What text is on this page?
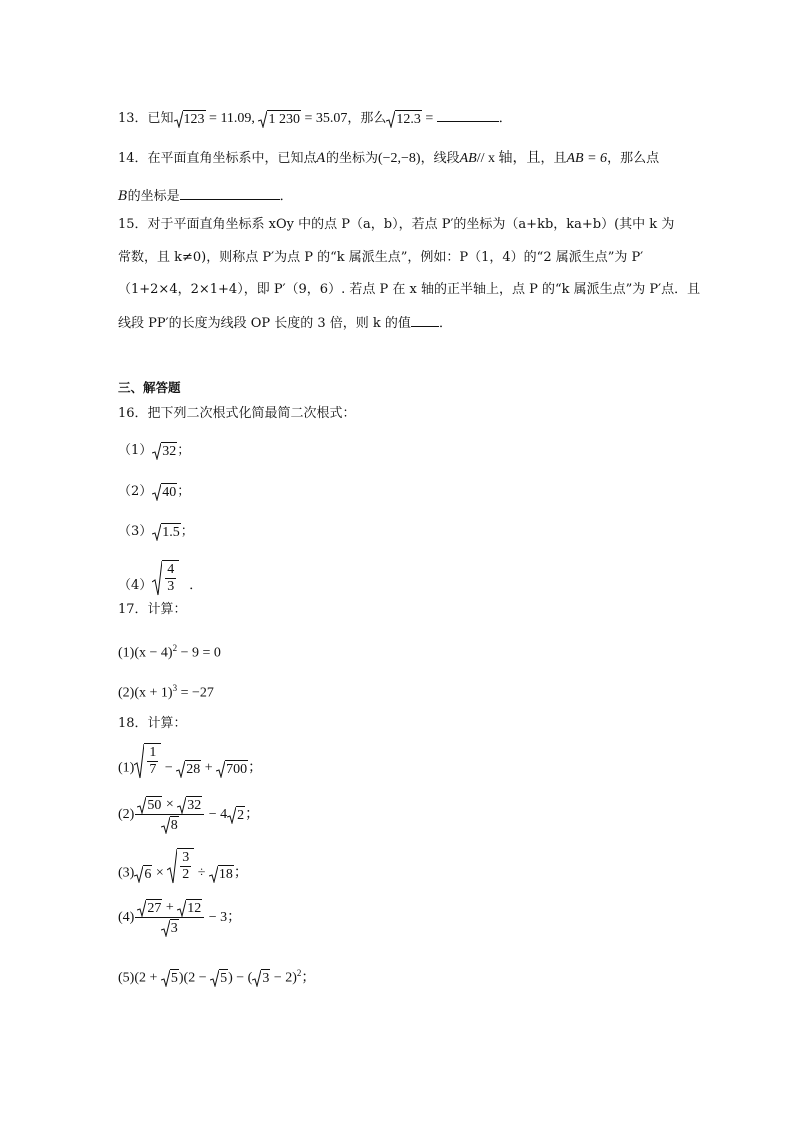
13．已知 123 = 11.09, 1 230 = 35.07，那么 12.3 =	．
14．在平面直角坐标系中，已知点A的坐标为(−2,−8)，线段AB// x 轴，且，且AB = 6，那么点
B的坐标是	．
15．对于平面直角坐标系 xOy 中的点 P（a，b），若点 P′的坐标为（a+kb，ka+b）(其中 k 为
常数，且 k≠0)，则称点 P′为点 P 的“k 属派生点”，例如：P（1，4）的“2 属派生点”为 P′
（1+2×4，2×1+4），即 P′（9，6）. 若点 P 在 x 轴的正半轴上，点 P 的“k 属派生点”为 P′点．且
线段 PP′的长度为线段 OP 长度的 3 倍，则 k 的值 ．
三、解答题
16．把下列二次根式化简最简二次根式：
（1） 32 ；
（2） 40 ；
（3） 1.5 ；
$(4) \frac{4}{3}$ ．
17．计算：
$(1)(x - 4)^2 - 9 = 0$
$(2)(x + 1)^3 = -27$
18．计算：
$(1) \frac{1}{7} - 28 + 700$ ；
$(2) \frac{50 \times 32}{8} - 4$ 2 ；
(3) $6 \times \frac{3}{2} \div 18$ ；
$(4) \frac{27 + 12}{3} - 3$；
(5)(2 + 5 )(2 − 5 ) − ( 3 − 2)$^2$；
